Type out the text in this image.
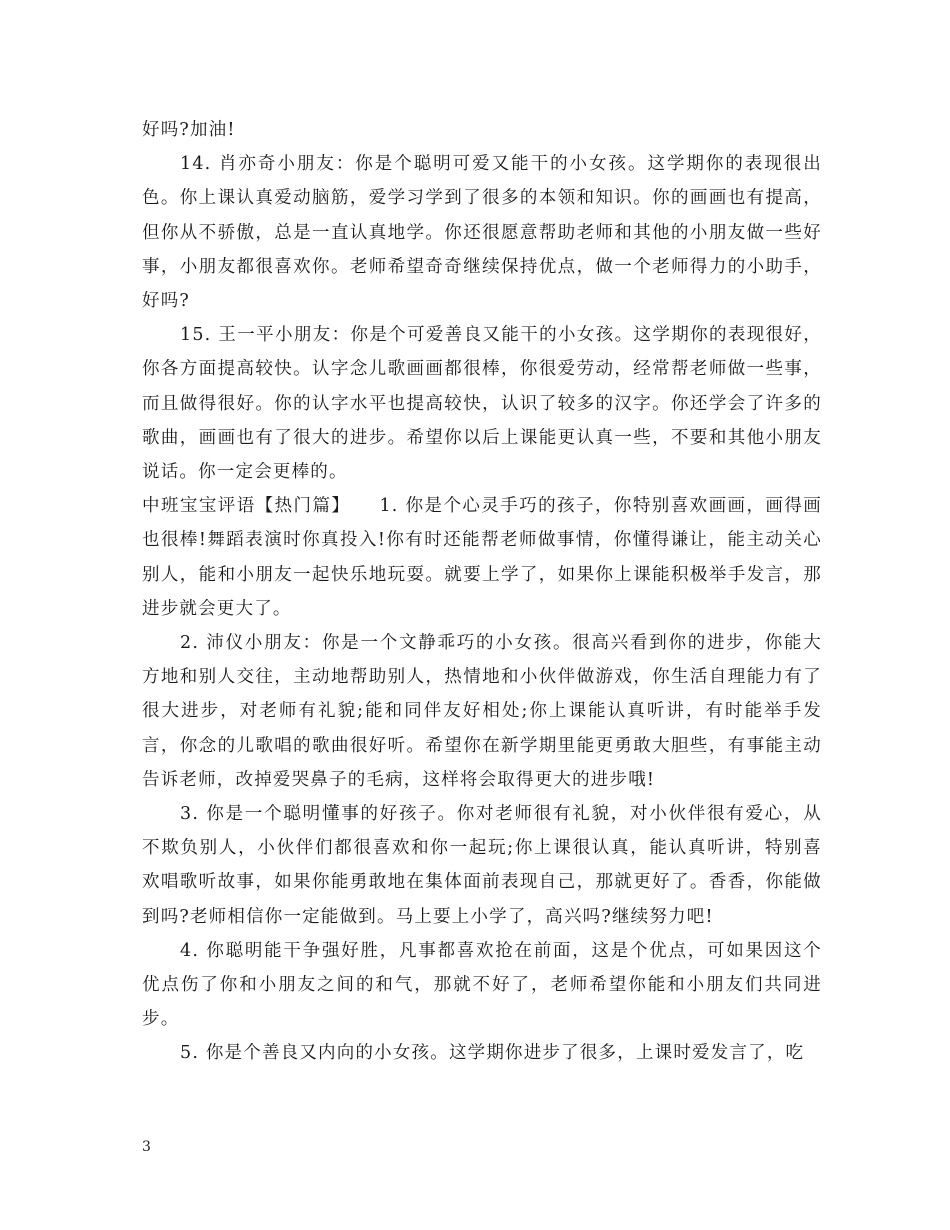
好吗?加油!

14. 肖亦奇小朋友：你是个聪明可爱又能干的小女孩。这学期你的表现很出色。你上课认真爱动脑筋，爱学习学到了很多的本领和知识。你的画画也有提高，但你从不骄傲，总是一直认真地学。你还很愿意帮助老师和其他的小朋友做一些好事，小朋友都很喜欢你。老师希望奇奇继续保持优点，做一个老师得力的小助手，好吗?

15. 王一平小朋友：你是个可爱善良又能干的小女孩。这学期你的表现很好，你各方面提高较快。认字念儿歌画画都很棒，你很爱劳动，经常帮老师做一些事，而且做得很好。你的认字水平也提高较快，认识了较多的汉字。你还学会了许多的歌曲，画画也有了很大的进步。希望你以后上课能更认真一些，不要和其他小朋友说话。你一定会更棒的。

中班宝宝评语【热门篇】　　1. 你是个心灵手巧的孩子，你特别喜欢画画，画得画也很棒!舞蹈表演时你真投入!你有时还能帮老师做事情，你懂得谦让，能主动关心别人，能和小朋友一起快乐地玩耍。就要上学了，如果你上课能积极举手发言，那进步就会更大了。

2. 沛仪小朋友：你是一个文静乖巧的小女孩。很高兴看到你的进步，你能大方地和别人交往，主动地帮助别人，热情地和小伙伴做游戏，你生活自理能力有了很大进步，对老师有礼貌;能和同伴友好相处;你上课能认真听讲，有时能举手发言，你念的儿歌唱的歌曲很好听。希望你在新学期里能更勇敢大胆些，有事能主动告诉老师，改掉爱哭鼻子的毛病，这样将会取得更大的进步哦!

3. 你是一个聪明懂事的好孩子。你对老师很有礼貌，对小伙伴很有爱心，从不欺负别人，小伙伴们都很喜欢和你一起玩;你上课很认真，能认真听讲，特别喜欢唱歌听故事，如果你能勇敢地在集体面前表现自己，那就更好了。香香，你能做到吗?老师相信你一定能做到。马上要上小学了，高兴吗?继续努力吧!

4. 你聪明能干争强好胜，凡事都喜欢抢在前面，这是个优点，可如果因这个优点伤了你和小朋友之间的和气，那就不好了，老师希望你能和小朋友们共同进步。

5. 你是个善良又内向的小女孩。这学期你进步了很多，上课时爱发言了，吃

3
